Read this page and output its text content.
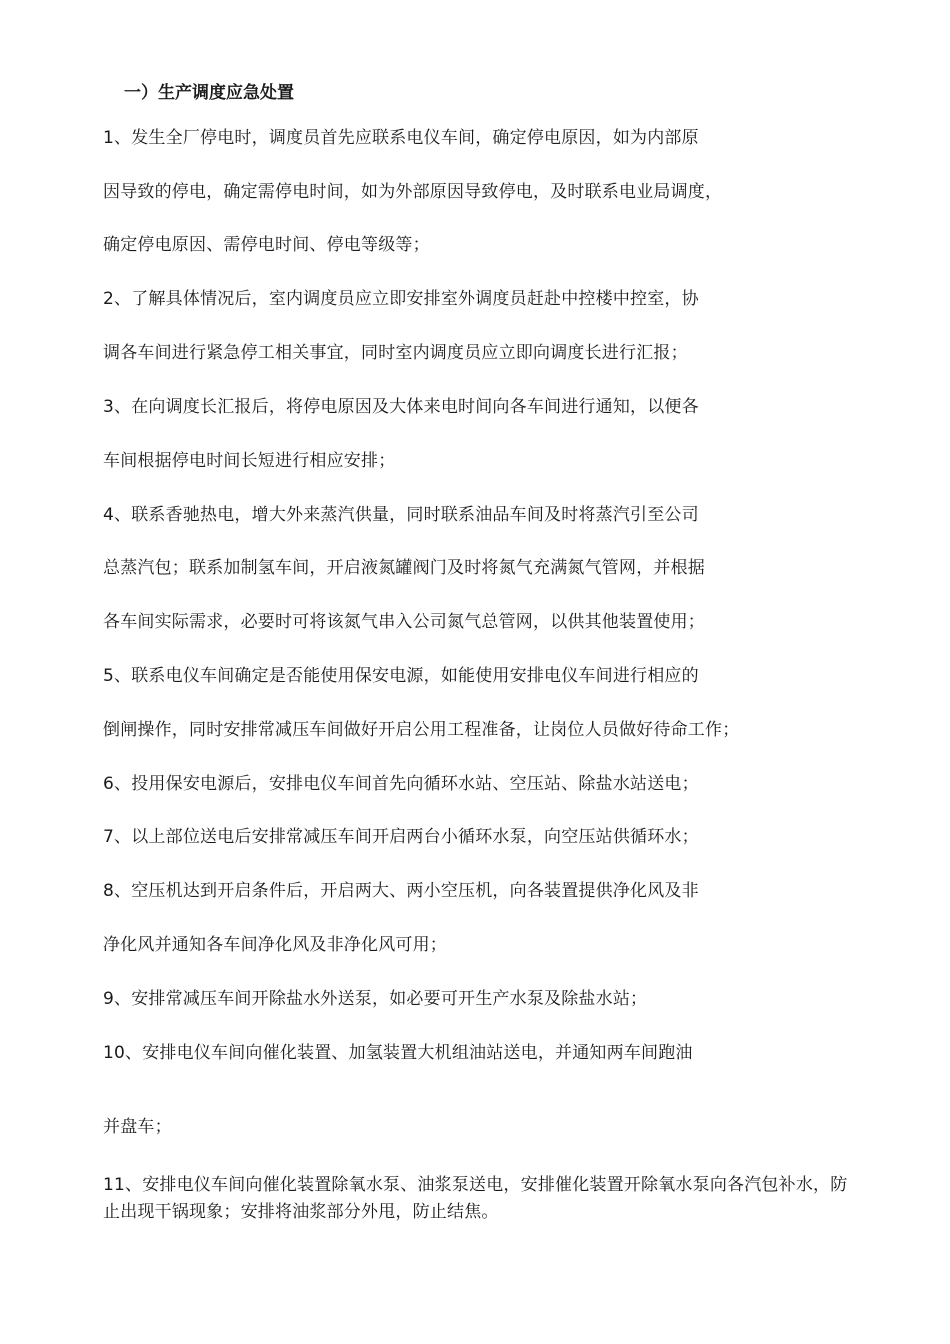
一）生产调度应急处置
1、发生全厂停电时，调度员首先应联系电仪车间，确定停电原因，如为内部原
因导致的停电，确定需停电时间，如为外部原因导致停电，及时联系电业局调度，
确定停电原因、需停电时间、停电等级等；
2、了解具体情况后，室内调度员应立即安排室外调度员赶赴中控楼中控室，协
调各车间进行紧急停工相关事宜，同时室内调度员应立即向调度长进行汇报；
3、在向调度长汇报后，将停电原因及大体来电时间向各车间进行通知，以便各
车间根据停电时间长短进行相应安排；
4、联系香驰热电，增大外来蒸汽供量，同时联系油品车间及时将蒸汽引至公司
总蒸汽包；联系加制氢车间，开启液氮罐阀门及时将氮气充满氮气管网，并根据
各车间实际需求，必要时可将该氮气串入公司氮气总管网，以供其他装置使用；
5、联系电仪车间确定是否能使用保安电源，如能使用安排电仪车间进行相应的
倒闸操作，同时安排常减压车间做好开启公用工程准备，让岗位人员做好待命工作；
6、投用保安电源后，安排电仪车间首先向循环水站、空压站、除盐水站送电；
7、以上部位送电后安排常减压车间开启两台小循环水泵，向空压站供循环水；
8、空压机达到开启条件后，开启两大、两小空压机，向各装置提供净化风及非
净化风并通知各车间净化风及非净化风可用；
9、安排常减压车间开除盐水外送泵，如必要可开生产水泵及除盐水站；
10、安排电仪车间向催化装置、加氢装置大机组油站送电，并通知两车间跑油
并盘车；
11、安排电仪车间向催化装置除氧水泵、油浆泵送电，安排催化装置开除氧水泵向各汽包补水，防止出现干锅现象；安排将油浆部分外甩，防止结焦。
